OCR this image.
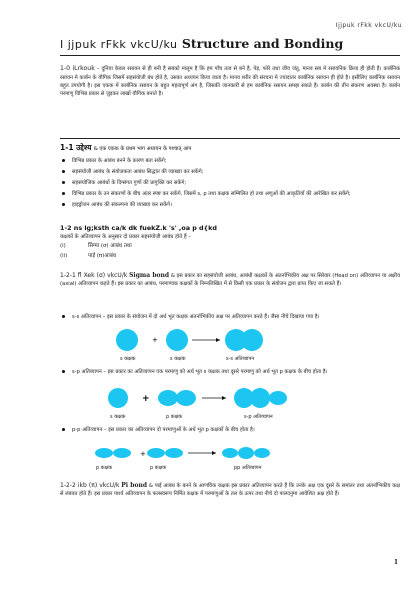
Ijjpuk rFkk vkcU/ku
I jjpuk rFkk vkcU/ku Structure and Bonding
1-0 iLrkouk – दुनिया केवल रसायन से ही बनी है सबको मालूम है कि हम पाँच तत्व से बने है, पेड़, फोरे तथा जीव जंतु, मानव सब मे रसायनिक क्रिया ही होती है। कार्बनिक रसायन मे कार्बन के यौगिक जिसमें सहसंयोजी बंध होते है, उसका अध्ययन किया जाता है। मानव शरीर की संरचना मे ज्यादातर कार्बनिक रसायन ही होते है। इसीलिए कार्बनिक रसायन बहुत उपयोगी है। इस एकक में कार्बनिक रसायन के बहुत महत्वपूर्ण अंग है, जिसकी जानकारी से हम कार्बनिक रसायन समझ सकते है। कार्बन की तीन संकरण अवस्था है। कार्बन परमाणु विभिन्न प्रकार से जुड़कर लाखों यौगिक बनाते है।
1-1 उद्देश्य & एक एकक के प्रथम भाग अध्ययन के पश्चात् आप
विभिन्न प्रकार के आबंध बनने के कारण बता सकेंगे;
सहसंयोजी आबंध के संयोजकता आबंध सिद्धांत की व्याख्या कर सकेंगे;
सहसंयोजिक आबंधों के दिग्संगत गुणों की प्रागुक्ति कर सकेंगे;
विभिन्न प्रकार के उन संकरणों के बीच अंतर स्पष्ट कर सकेंगे, जिसमें s, p तथा कक्षक सम्मिलित हो तथा अणुओं की आकृतियों की आरेखित कर सकेंगे;
हाइड्रोजन आबंध की संकल्पना की व्याख्या कर सकेंगे।
1-2 ns lg;ksth ca/k dk fuekZ.k 's' ,oa p d{kd
कक्षकों के अतिव्यापन के अनुसार दो प्रकार सहसंयोजी आबंध होते हैं –
(i)	सिग्मा (σ) आबंध तथा
(ii)	पाई (π)आबंध
1-2-1 fl Xek (σ) vkcU/k Sigma bond & इस प्रकार का सहसंयोजी आबंध, आबंधी कक्षकों के अंतर्नाभिकीय अक्ष पर सिरेवार (Head on) अतिव्यापन या अक्षीय (axial) अतिव्यापन कहते हैं। इस प्रकार का आबंध, परमाण्वक कक्षकों के निम्नलिखित में से किसी एक प्रकार के संयोजन द्वारा प्राप्त किए जा सकते हैं।
s-s अतिव्यापन – इस प्रकार के संयोजन में दो अर्ध भूत कक्षक अंतर्नाभिकीय अक्ष पर अतिव्यापन करते हैं। जैसा नीचे दिखाया गया है।
+
s कक्षक	s कक्षक	s-s अतिव्यापन
s-p अतिव्यापन – इस प्रकार का अतिव्यापन एक परमाणु को अर्ध भूत s कक्षक तथा दूसरे परमाणु को अर्ध भूत p कक्षक के बीच होता है।
+
s कक्षक	p कक्षक	s-p अतिव्यापन
p-p अतिव्यापन – इस प्रकार का अतिव्यापन दो परमाणुओं के अर्ध भूत p कक्षकों के बीच होता है।
+
p कक्षक	p कक्षक	pp अतिव्यापन
1-2-2 ikb (π) vkcU/k Pi bond & पाई आबंध के बनने के आणविक कक्षक इस प्रकार अतिव्यापन करते हैं कि उनके अक्ष एक दूसरे के समांतर तथा अंतर्नाभिकीय कक्ष से लंबवत होते हैं। इस प्रकार पार्श्व अतिव्यापन के फलस्वरूप निर्मित कक्षक में परमाणुओं के तल के ऊपर तथा नीचे दो पालदनुमा आवेशित अक्ष होते हैं।
1
